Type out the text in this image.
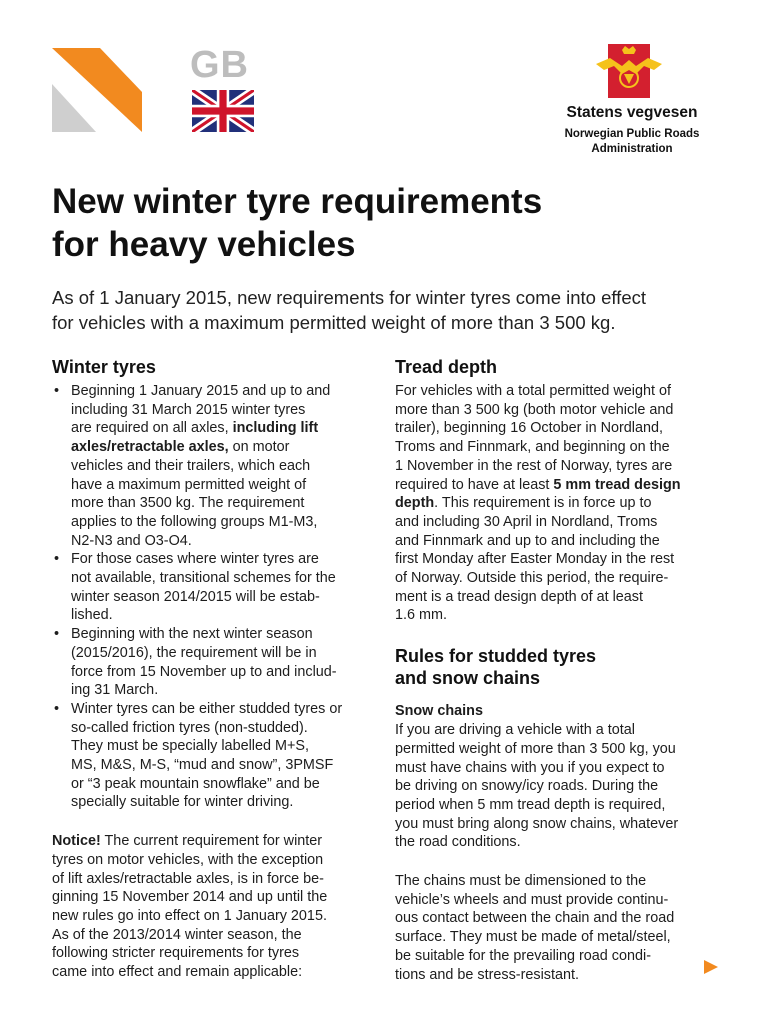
GB
Statens vegvesen
Norwegian Public Roads
Administration
New winter tyre requirements
for heavy vehicles
As of 1 January 2015, new requirements for winter tyres come into effect
for vehicles with a maximum permitted weight of more than 3 500 kg.
Winter tyres
• Beginning 1 January 2015 and up to and
including 31 March 2015 winter tyres
are required on all axles, including lift
axles/retractable axles, on motor
vehicles and their trailers, which each
have a maximum permitted weight of
more than 3500 kg. The requirement
applies to the following groups M1-M3,
N2-N3 and O3-O4.
• For those cases where winter tyres are
not available, transitional schemes for the
winter season 2014/2015 will be estab-
lished.
• Beginning with the next winter season
(2015/2016), the requirement will be in
force from 15 November up to and includ-
ing 31 March.
• Winter tyres can be either studded tyres or
so-called friction tyres (non-studded).
They must be specially labelled M+S,
MS, M&S, M-S, “mud and snow”, 3PMSF
or “3 peak mountain snowflake” and be
specially suitable for winter driving.

Notice! The current requirement for winter
tyres on motor vehicles, with the exception
of lift axles/retractable axles, is in force be-
ginning 15 November 2014 and up until the
new rules go into effect on 1 January 2015.
As of the 2013/2014 winter season, the
following stricter requirements for tyres
came into effect and remain applicable:

Tread depth

For vehicles with a total permitted weight of
more than 3 500 kg (both motor vehicle and
trailer), beginning 16 October in Nordland,
Troms and Finnmark, and beginning on the
1 November in the rest of Norway, tyres are
required to have at least 5 mm tread design
depth. This requirement is in force up to
and including 30 April in Nordland, Troms
and Finnmark and up to and including the
first Monday after Easter Monday in the rest
of Norway. Outside this period, the require-
ment is a tread design depth of at least
1.6 mm.

Rules for studded tyres
and snow chains
Snow chains

If you are driving a vehicle with a total
permitted weight of more than 3 500 kg, you
must have chains with you if you expect to
be driving on snowy/icy roads. During the
period when 5 mm tread depth is required,
you must bring along snow chains, whatever
the road conditions.

The chains must be dimensioned to the
vehicle’s wheels and must provide continu-
ous contact between the chain and the road
surface. They must be made of metal/steel,
be suitable for the prevailing road condi-
tions and be stress-resistant.
